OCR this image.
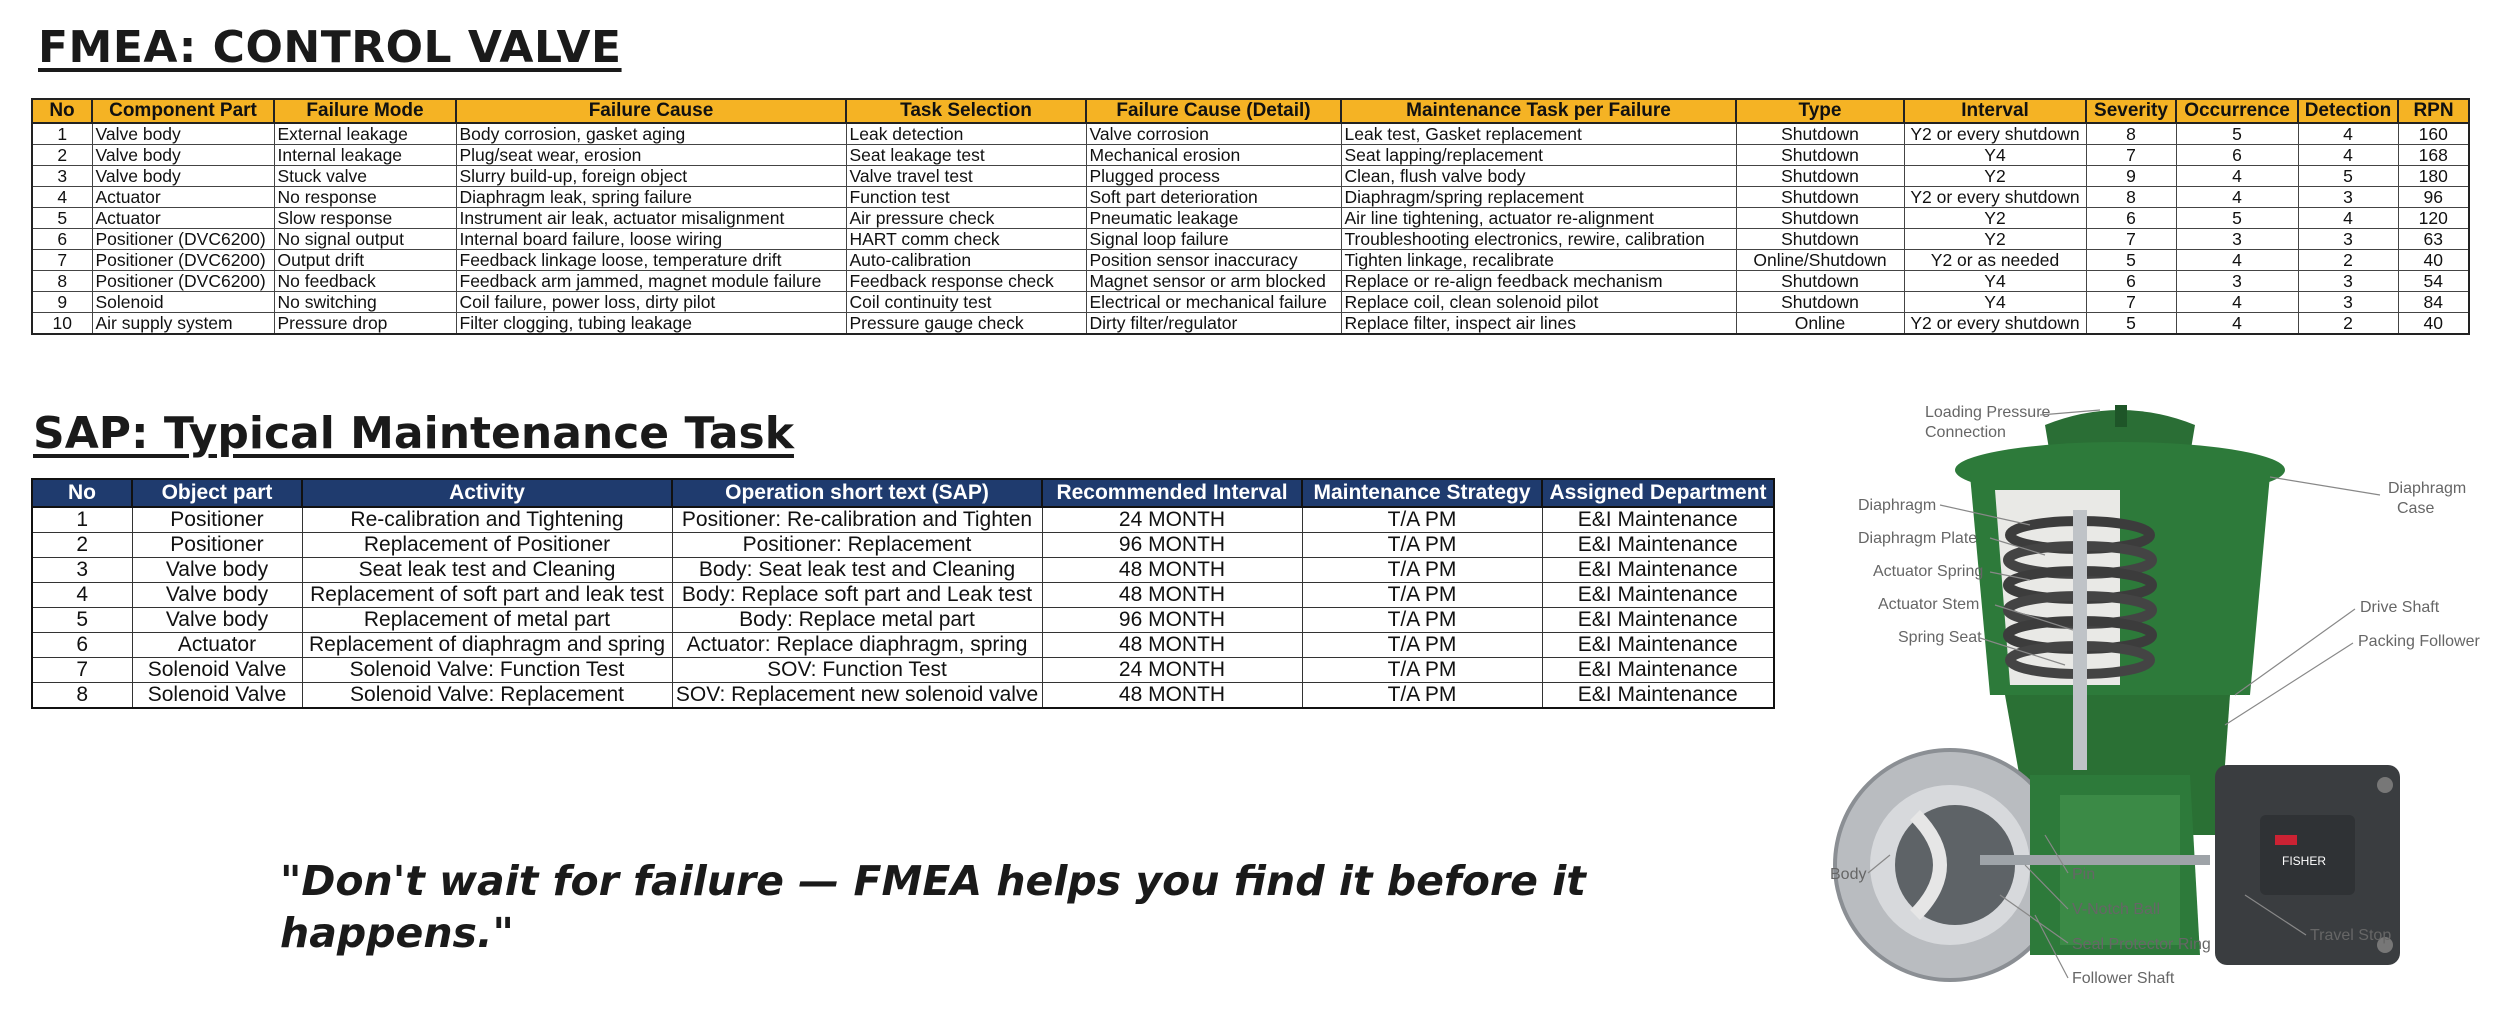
FMEA: CONTROL VALVE
No	Component Part	Failure Mode	Failure Cause	Task Selection	Failure Cause (Detail)	Maintenance Task per Failure	Type	Interval	Severity	Occurrence	Detection	RPN
1	Valve body	External leakage	Body corrosion, gasket aging	Leak detection	Valve corrosion	Leak test, Gasket replacement	Shutdown	Y2 or every shutdown	8	5	4	160
2	Valve body	Internal leakage	Plug/seat wear, erosion	Seat leakage test	Mechanical erosion	Seat lapping/replacement	Shutdown	Y4	7	6	4	168
3	Valve body	Stuck valve	Slurry build-up, foreign object	Valve travel test	Plugged process	Clean, flush valve body	Shutdown	Y2	9	4	5	180
4	Actuator	No response	Diaphragm leak, spring failure	Function test	Soft part deterioration	Diaphragm/spring replacement	Shutdown	Y2 or every shutdown	8	4	3	96
5	Actuator	Slow response	Instrument air leak, actuator misalignment	Air pressure check	Pneumatic leakage	Air line tightening, actuator re-alignment	Shutdown	Y2	6	5	4	120
6	Positioner (DVC6200)	No signal output	Internal board failure, loose wiring	HART comm check	Signal loop failure	Troubleshooting electronics, rewire, calibration	Shutdown	Y2	7	3	3	63
7	Positioner (DVC6200)	Output drift	Feedback linkage loose, temperature drift	Auto-calibration	Position sensor inaccuracy	Tighten linkage, recalibrate	Online/Shutdown	Y2 or as needed	5	4	2	40
8	Positioner (DVC6200)	No feedback	Feedback arm jammed, magnet module failure	Feedback response check	Magnet sensor or arm blocked	Replace or re-align feedback mechanism	Shutdown	Y4	6	3	3	54
9	Solenoid	No switching	Coil failure, power loss, dirty pilot	Coil continuity test	Electrical or mechanical failure	Replace coil, clean solenoid pilot	Shutdown	Y4	7	4	3	84
10	Air supply system	Pressure drop	Filter clogging, tubing leakage	Pressure gauge check	Dirty filter/regulator	Replace filter, inspect air lines	Online	Y2 or every shutdown	5	4	2	40
SAP: Typical Maintenance Task
No	Object part	Activity	Operation short text (SAP)	Recommended Interval	Maintenance Strategy	Assigned Department
1	Positioner	Re-calibration and Tightening	Positioner: Re-calibration and Tighten	24 MONTH	T/A PM	E&I Maintenance
2	Positioner	Replacement of Positioner	Positioner: Replacement	96 MONTH	T/A PM	E&I Maintenance
3	Valve body	Seat leak test and Cleaning	Body: Seat leak test and Cleaning	48 MONTH	T/A PM	E&I Maintenance
4	Valve body	Replacement of soft part and leak test	Body: Replace soft part and Leak test	48 MONTH	T/A PM	E&I Maintenance
5	Valve body	Replacement of metal part	Body: Replace metal part	96 MONTH	T/A PM	E&I Maintenance
6	Actuator	Replacement of diaphragm and spring	Actuator: Replace diaphragm, spring	48 MONTH	T/A PM	E&I Maintenance
7	Solenoid Valve	Solenoid Valve: Function Test	SOV: Function Test	24 MONTH	T/A PM	E&I Maintenance
8	Solenoid Valve	Solenoid Valve: Replacement	SOV: Replacement new solenoid valve	48 MONTH	T/A PM	E&I Maintenance

"Don't wait for failure — FMEA helps you find it before it happens."

FISHER
Loading Pressure
Connection
Diaphragm
Diaphragm Plate
Actuator Spring
Actuator Stem
Spring Seat
Diaphragm
Case
Drive Shaft
Packing Follower
Body	Pin
V-Notch Ball
Seal Protector Ring
Follower Shaft
Travel Stop
